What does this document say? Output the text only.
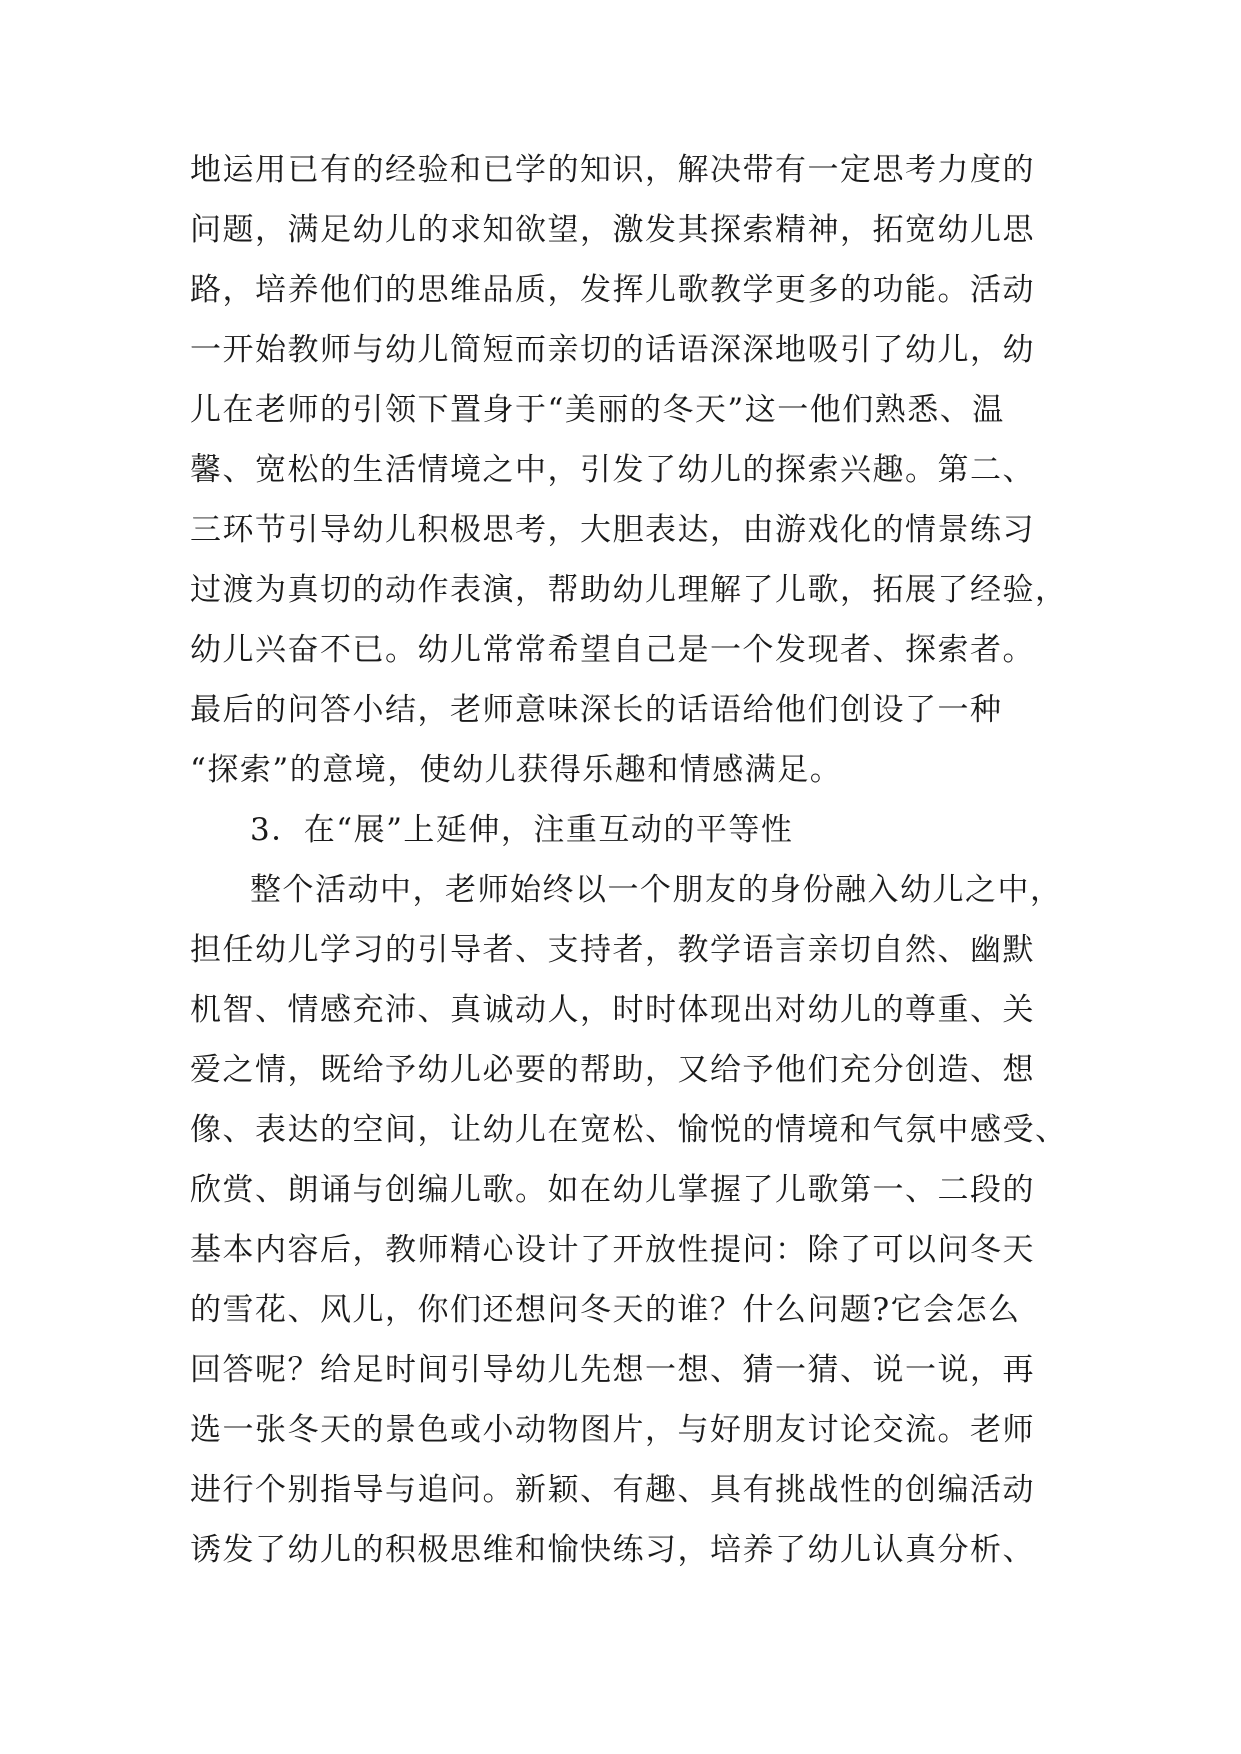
地运用已有的经验和已学的知识，解决带有一定思考力度的
问题，满足幼儿的求知欲望，激发其探索精神，拓宽幼儿思
路，培养他们的思维品质，发挥儿歌教学更多的功能。活动
一开始教师与幼儿简短而亲切的话语深深地吸引了幼儿，幼
儿在老师的引领下置身于“美丽的冬天”这一他们熟悉、温
馨、宽松的生活情境之中，引发了幼儿的探索兴趣。第二、
三环节引导幼儿积极思考，大胆表达，由游戏化的情景练习
过渡为真切的动作表演，帮助幼儿理解了儿歌，拓展了经验，
幼儿兴奋不已。幼儿常常希望自己是一个发现者、探索者。
最后的问答小结，老师意味深长的话语给他们创设了一种
“探索”的意境，使幼儿获得乐趣和情感满足。
3．在“展”上延伸，注重互动的平等性
整个活动中，老师始终以一个朋友的身份融入幼儿之中，
担任幼儿学习的引导者、支持者，教学语言亲切自然、幽默
机智、情感充沛、真诚动人，时时体现出对幼儿的尊重、关
爱之情，既给予幼儿必要的帮助，又给予他们充分创造、想
像、表达的空间，让幼儿在宽松、愉悦的情境和气氛中感受、
欣赏、朗诵与创编儿歌。如在幼儿掌握了儿歌第一、二段的
基本内容后，教师精心设计了开放性提问：除了可以问冬天
的雪花、风儿，你们还想问冬天的谁？什么问题?它会怎么
回答呢？给足时间引导幼儿先想一想、猜一猜、说一说，再
选一张冬天的景色或小动物图片，与好朋友讨论交流。老师
进行个别指导与追问。新颖、有趣、具有挑战性的创编活动
诱发了幼儿的积极思维和愉快练习，培养了幼儿认真分析、
